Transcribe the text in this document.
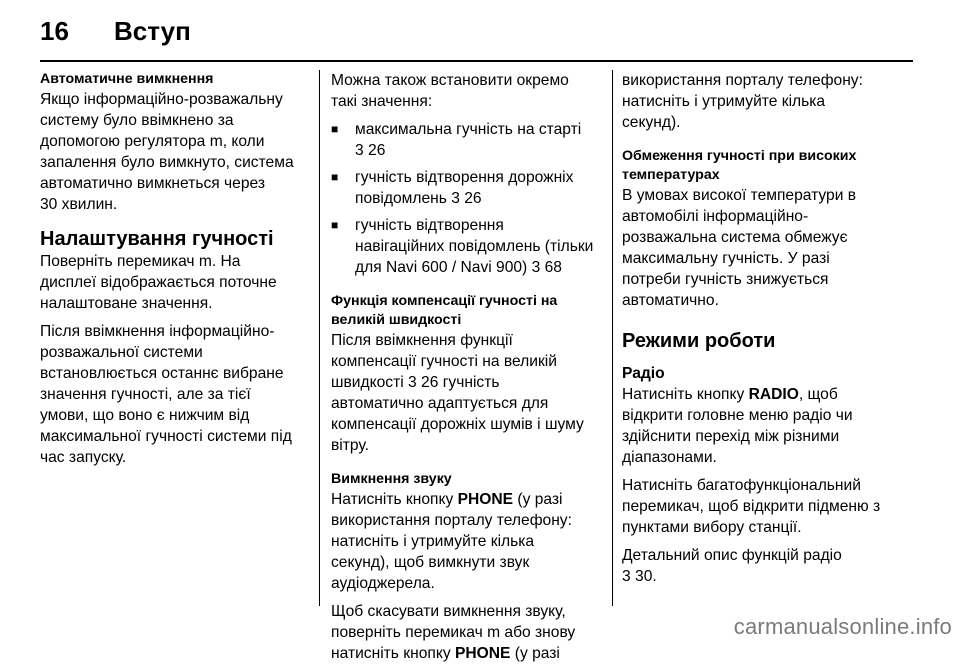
16 Вступ
Автоматичне вимкнення

Якщо інформаційно-розважальну
систему було ввімкнено за
допомогою регулятора m, коли
запалення було вимкнуто, система
автоматично вимкнеться через
30 хвилин.

Налаштування гучності

Поверніть перемикач m. На
дисплеї відображається поточне
налаштоване значення.

Після ввімкнення інформаційно-
розважальної системи
встановлюється останнє вибране
значення гучності, але за тієї
умови, що воно є нижчим від
максимальної гучності системи під
час запуску.

Можна також встановити окремо
такі значення:

■ максимальна гучність на старті
3 26
■ гучність відтворення дорожніх
повідомлень 3 26
■ гучність відтворення
навігаційних повідомлень (тільки
для Navi 600 / Navi 900) 3 68
Функція компенсації гучності на
великій швидкості

Після ввімкнення функції
компенсації гучності на великій
швидкості 3 26 гучність
автоматично адаптується для
компенсації дорожніх шумів і шуму
вітру.

Вимкнення звуку

Натисніть кнопку PHONE (у разі
використання порталу телефону:
натисніть і утримуйте кілька
секунд), щоб вимкнути звук
аудіоджерела.

Щоб скасувати вимкнення звуку,
поверніть перемикач m або знову
натисніть кнопку PHONE (у разі

використання порталу телефону:
натисніть і утримуйте кілька
секунд).

Обмеження гучності при високих
температурах

В умовах високої температури в
автомобілі інформаційно-
розважальна система обмежує
максимальну гучність. У разі
потреби гучність знижується
автоматично.

Режими роботи
Радіо

Натисніть кнопку RADIO, щоб
відкрити головне меню радіо чи
здійснити перехід між різними
діапазонами.

Натисніть багатофункціональний
перемикач, щоб відкрити підменю з
пунктами вибору станції.

Детальний опис функцій радіо
3 30.

carmanualsonline.info
